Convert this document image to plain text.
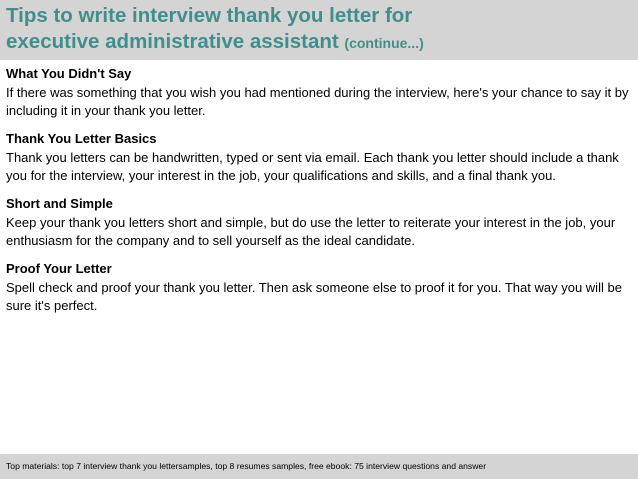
Tips to write interview thank you letter for
executive administrative assistant (continue...)

What You Didn't Say

If there was something that you wish you had mentioned during the interview, here's your chance to say it by including it in your thank you letter.

Thank You Letter Basics

Thank you letters can be handwritten, typed or sent via email. Each thank you letter should include a thank you for the interview, your interest in the job, your qualifications and skills, and a final thank you.

Short and Simple

Keep your thank you letters short and simple, but do use the letter to reiterate your interest in the job, your enthusiasm for the company and to sell yourself as the ideal candidate.

Proof Your Letter

Spell check and proof your thank you letter. Then ask someone else to proof it for you. That way you will be sure it's perfect.

Top materials: top 7 interview thank you lettersamples, top 8 resumes samples, free ebook: 75 interview questions and answer
